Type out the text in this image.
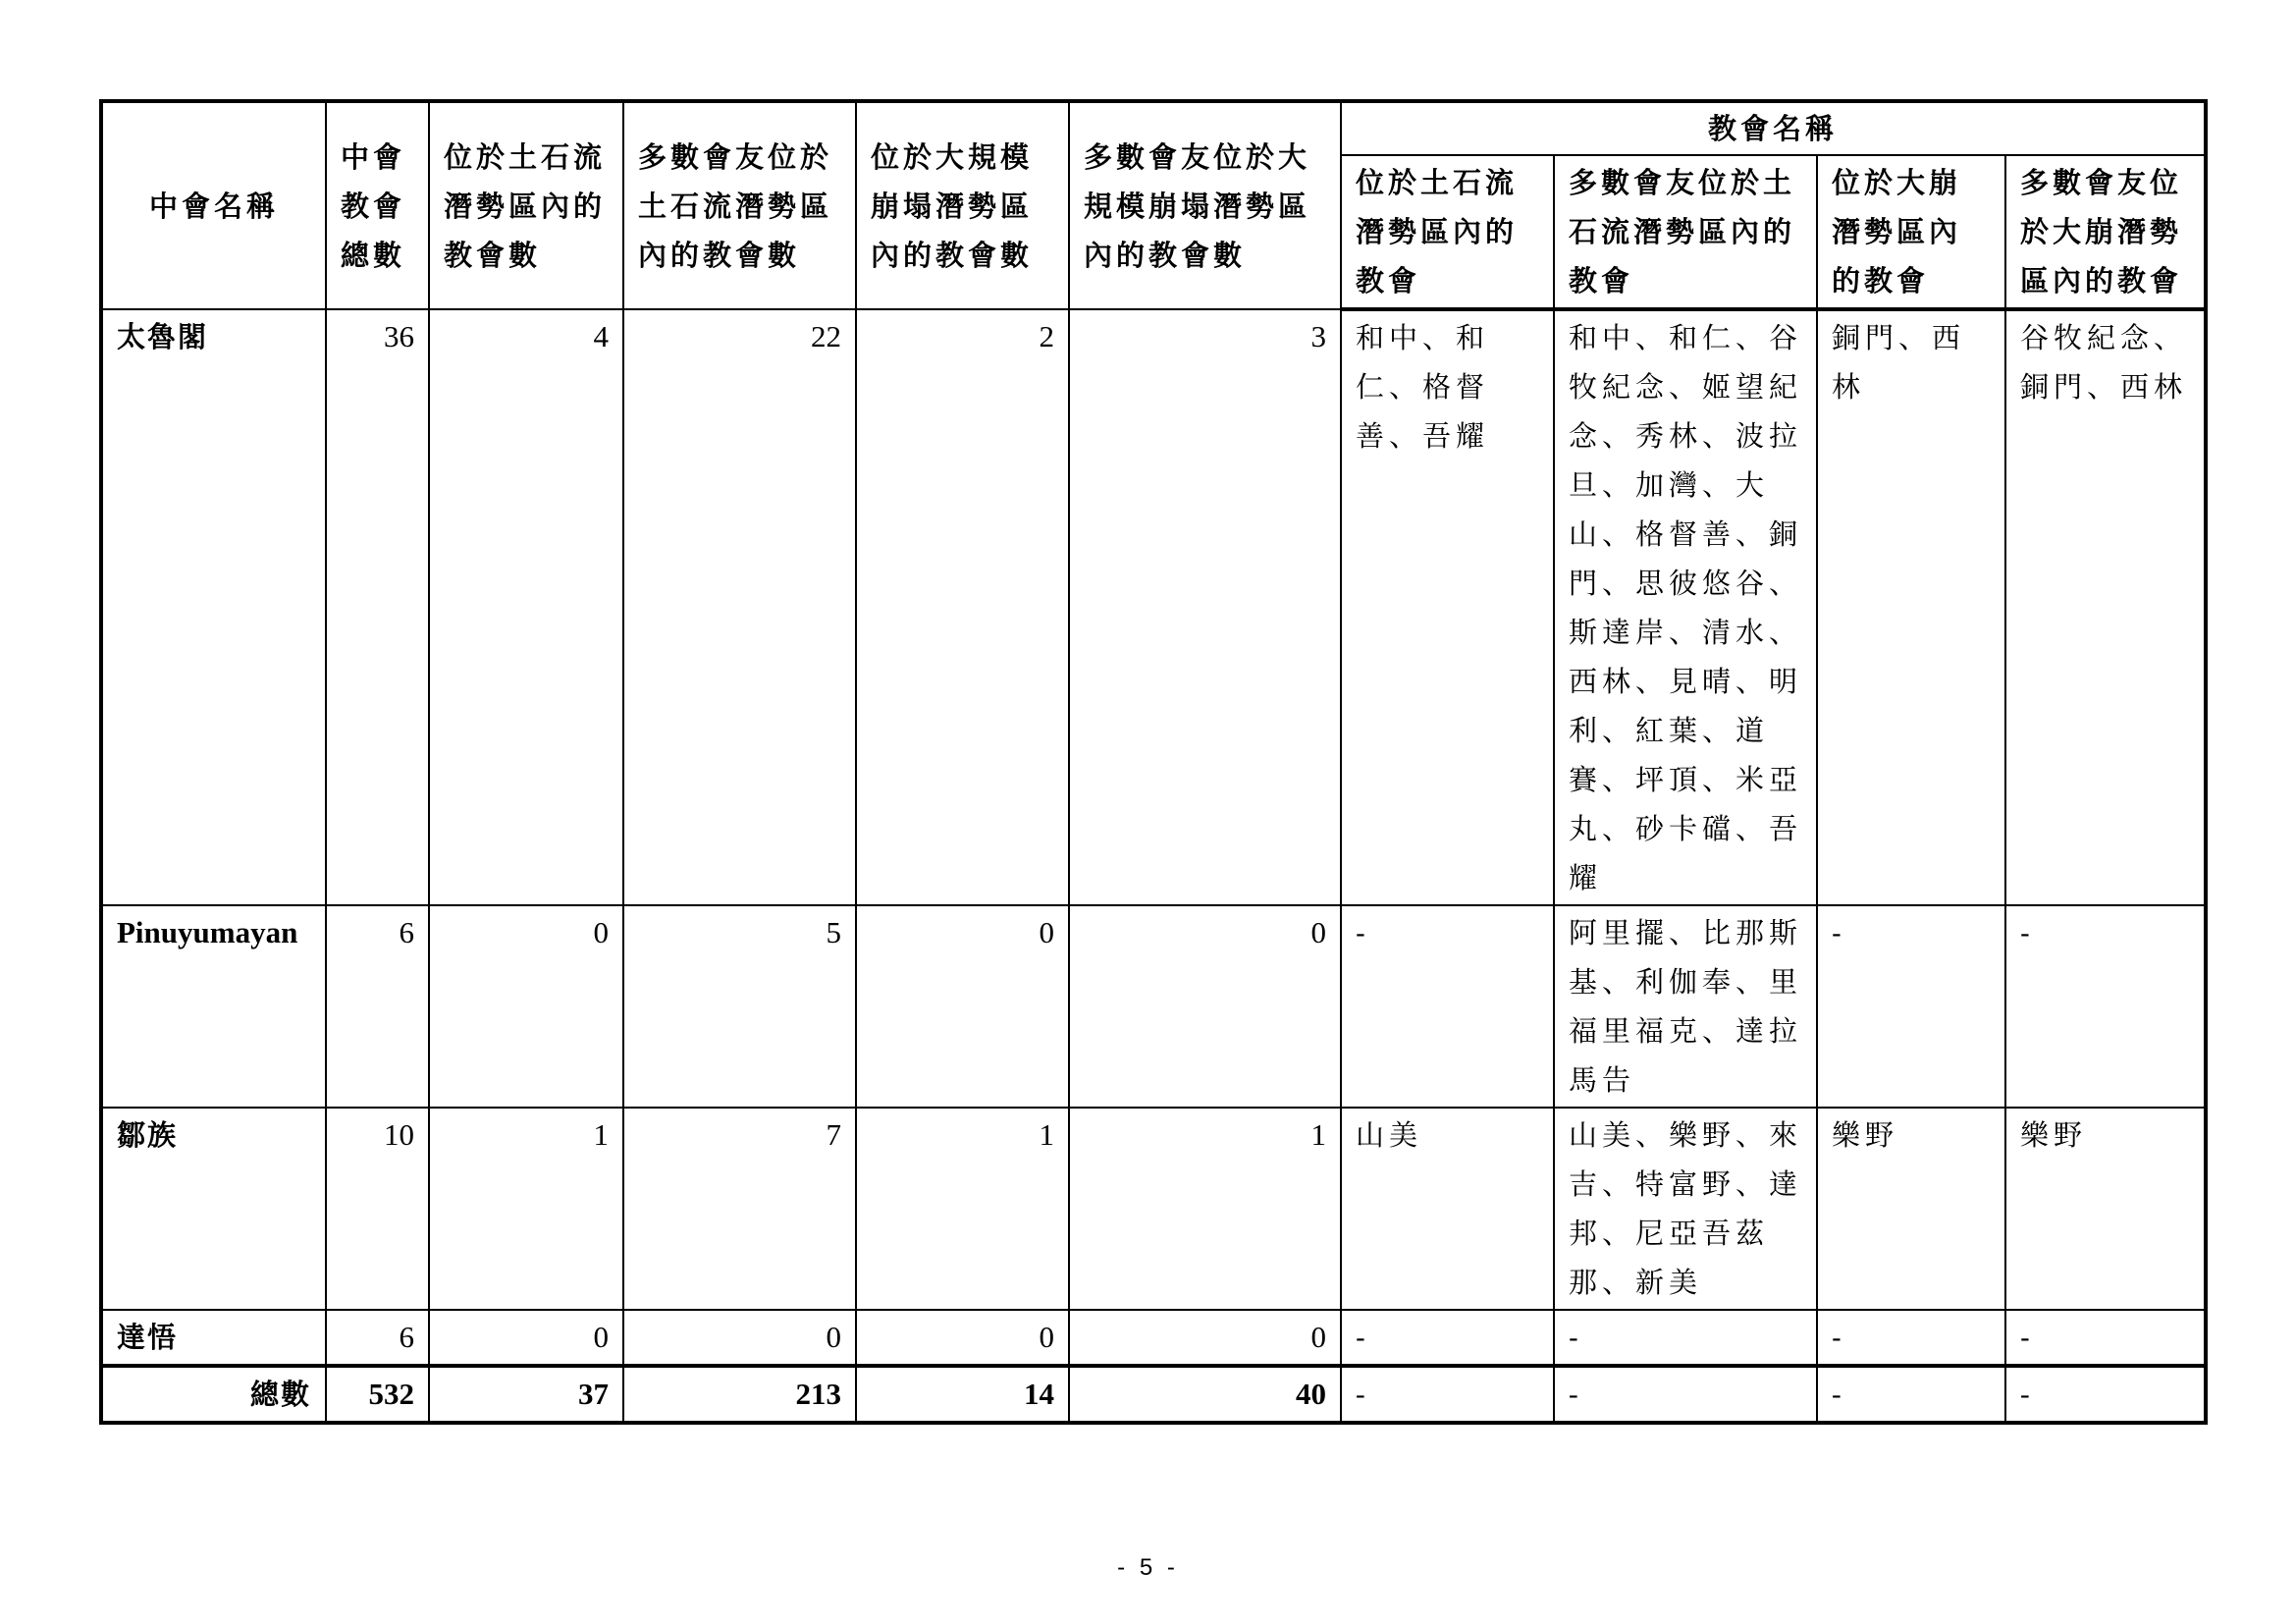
中會名稱	中會教會總數	位於土石流潛勢區內的教會數	多數會友位於土石流潛勢區內的教會數	位於大規模崩塌潛勢區內的教會數	多數會友位於大規模崩塌潛勢區內的教會數	教會名稱			
						位於土石流潛勢區內的教會	多數會友位於土石流潛勢區內的教會	位於大崩潛勢區內的教會	多數會友位於大崩潛勢區內的教會
太魯閣	36	4	22	2	3	和中、和仁、格督善、吾耀	和中、和仁、谷牧紀念、姬望紀念、秀林、波拉旦、加灣、大山、格督善、銅門、思彼悠谷、斯達岸、清水、西林、見晴、明利、紅葉、道賽、坪頂、米亞丸、砂卡礑、吾耀	銅門、西林	谷牧紀念、銅門、西林
Pinuyumayan	6	0	5	0	0	-	阿里擺、比那斯基、利伽奉、里福里福克、達拉馬告	-	-
鄒族	10	1	7	1	1	山美	山美、樂野、來吉、特富野、達邦、尼亞吾茲那、新美	樂野	樂野
達悟	6	0	0	0	0	-	-	-	-
總數	532	37	213	14	40	-	-	-	-
- 5 -
